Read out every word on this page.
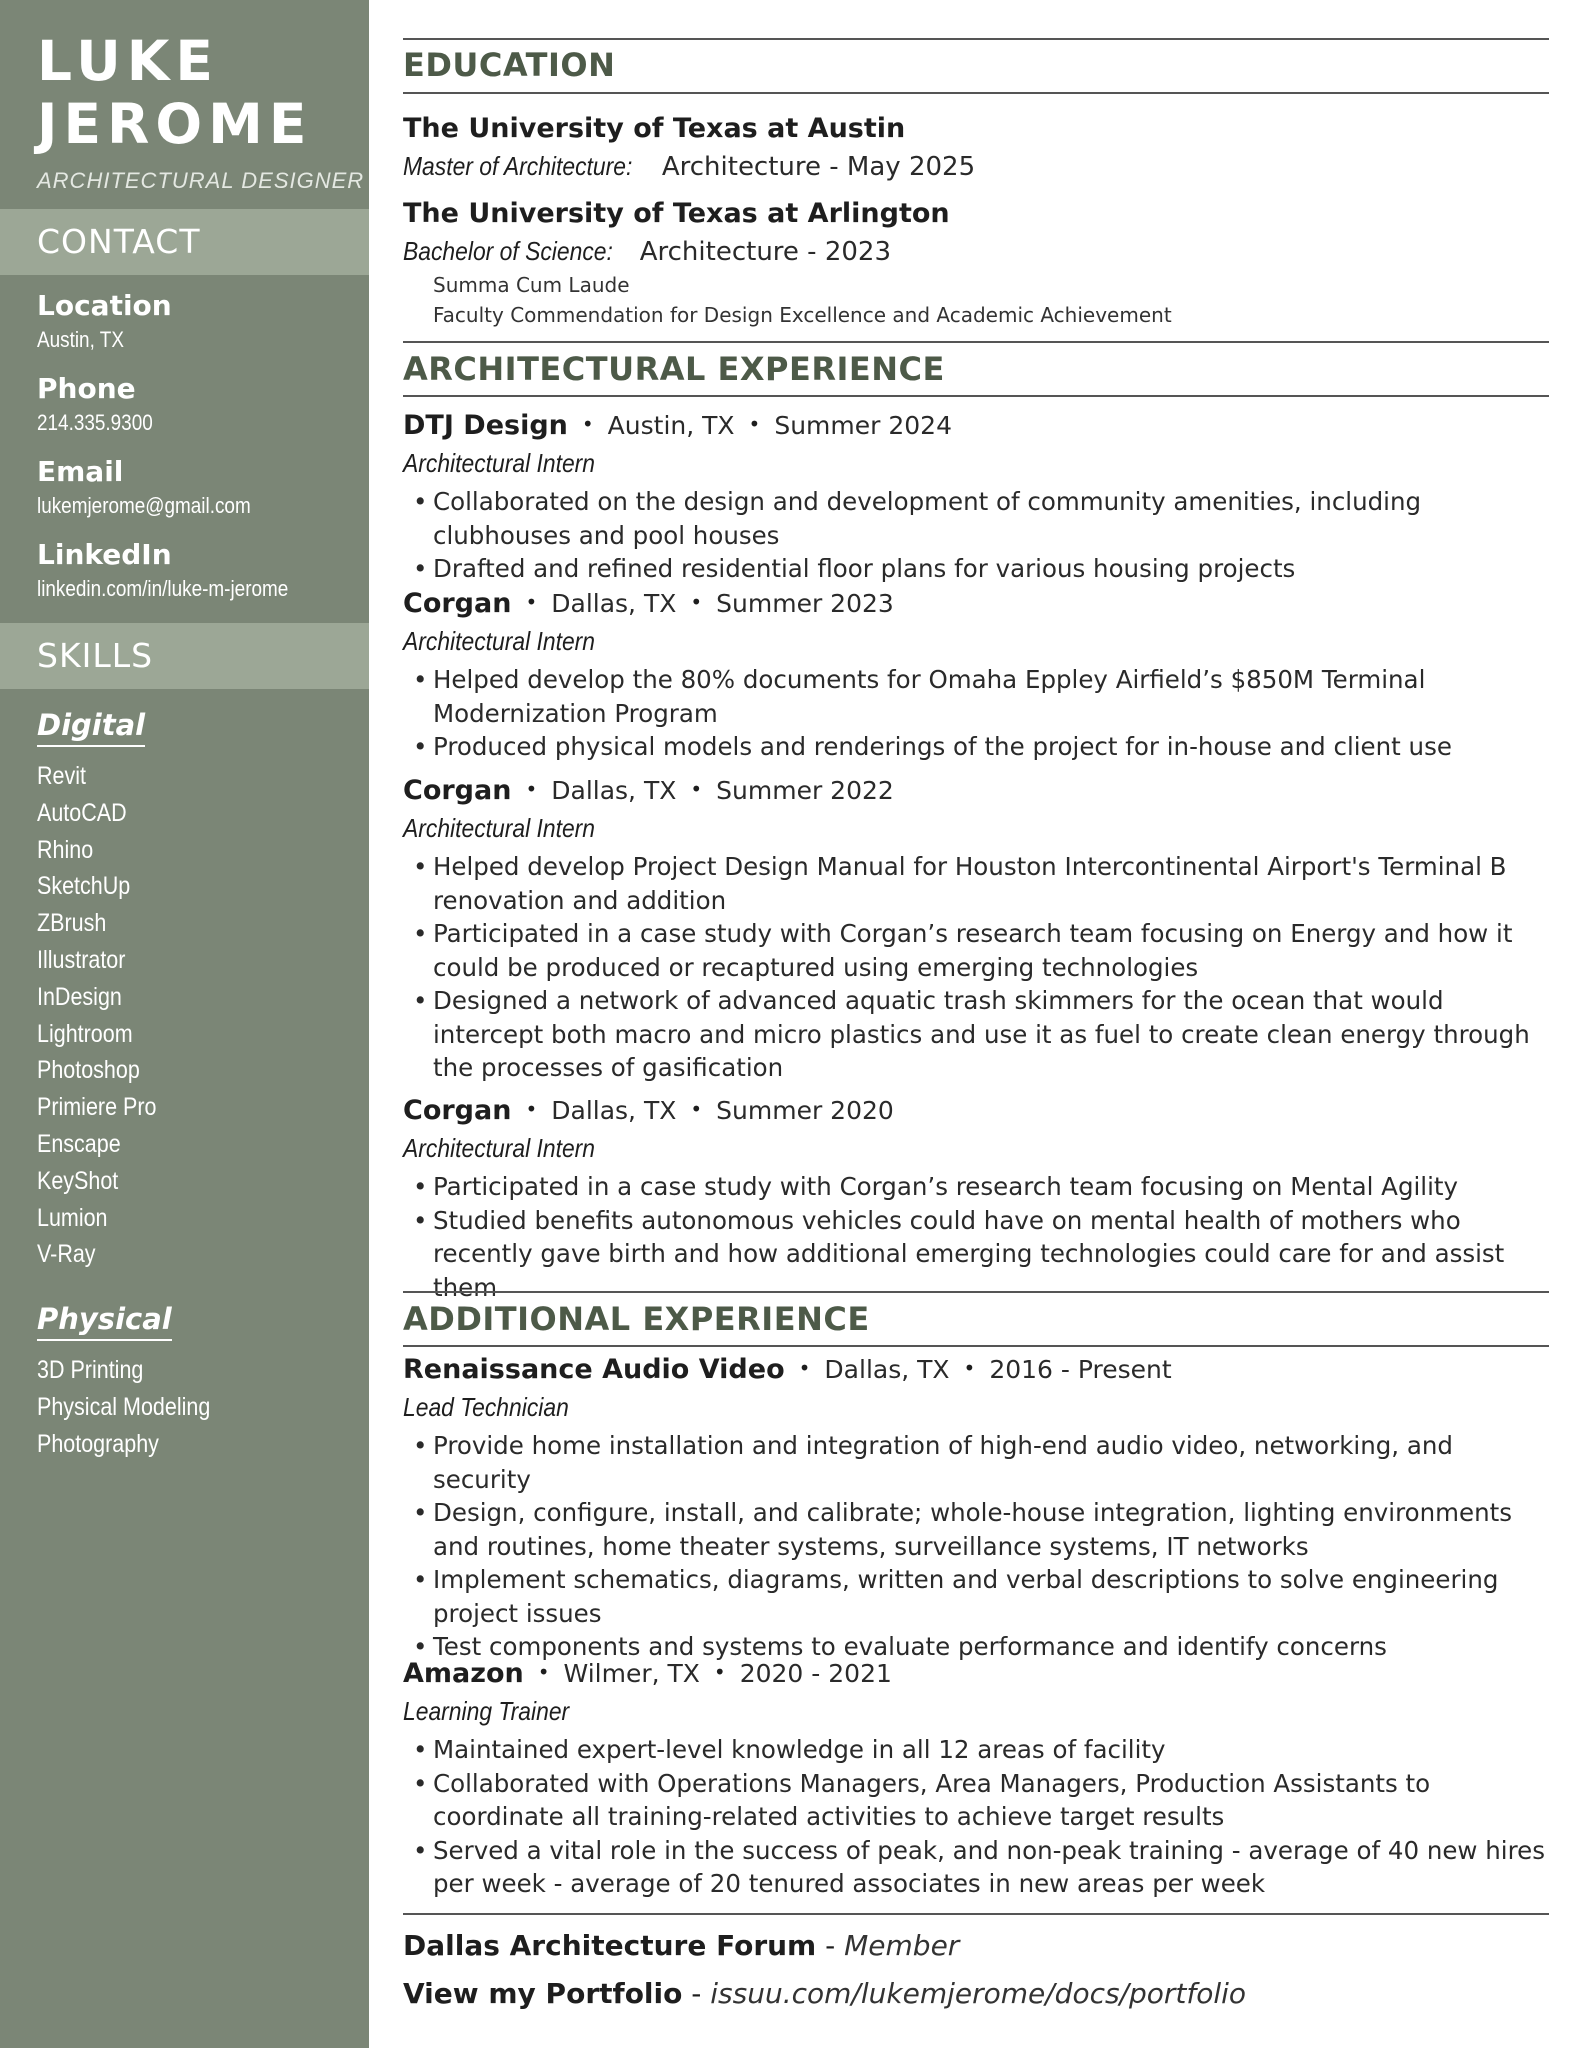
LUKE
JEROME
ARCHITECTURAL DESIGNER
CONTACT
Location
Austin, TX
Phone
214.335.9300
Email
lukemjerome@gmail.com
LinkedIn
linkedin.com/in/luke-m-jerome
SKILLS
Digital
Revit
AutoCAD
Rhino
SketchUp
ZBrush
Illustrator
InDesign
Lightroom
Photoshop
Primiere Pro
Enscape
KeyShot
Lumion
V-Ray
Physical
3D Printing
Physical Modeling
Photography
EDUCATION
The University of Texas at Austin
Master of Architecture: Architecture - May 2025
The University of Texas at Arlington
Bachelor of Science: Architecture - 2023
Summa Cum Laude
Faculty Commendation for Design Excellence and Academic Achievement
ARCHITECTURAL EXPERIENCE
DTJ Design • Austin, TX • Summer 2024
Architectural Intern
• Collaborated on the design and development of community amenities, including clubhouses and pool houses
• Drafted and refined residential floor plans for various housing projects
Corgan • Dallas, TX • Summer 2023
Architectural Intern
• Helped develop the 80% documents for Omaha Eppley Airfield’s $850M Terminal Modernization Program
• Produced physical models and renderings of the project for in-house and client use
Corgan • Dallas, TX • Summer 2022
Architectural Intern
• Helped develop Project Design Manual for Houston Intercontinental Airport's Terminal B renovation and addition
• Participated in a case study with Corgan’s research team focusing on Energy and how it could be produced or recaptured using emerging technologies
• Designed a network of advanced aquatic trash skimmers for the ocean that would intercept both macro and micro plastics and use it as fuel to create clean energy through the processes of gasification
Corgan • Dallas, TX • Summer 2020
Architectural Intern
• Participated in a case study with Corgan’s research team focusing on Mental Agility
• Studied benefits autonomous vehicles could have on mental health of mothers who recently gave birth and how additional emerging technologies could care for and assist them
ADDITIONAL EXPERIENCE
Renaissance Audio Video • Dallas, TX • 2016 - Present
Lead Technician
• Provide home installation and integration of high-end audio video, networking, and security
• Design, configure, install, and calibrate; whole-house integration, lighting environments and routines, home theater systems, surveillance systems, IT networks
• Implement schematics, diagrams, written and verbal descriptions to solve engineering project issues
• Test components and systems to evaluate performance and identify concerns
Amazon • Wilmer, TX • 2020 - 2021
Learning Trainer
• Maintained expert-level knowledge in all 12 areas of facility
• Collaborated with Operations Managers, Area Managers, Production Assistants to coordinate all training-related activities to achieve target results
• Served a vital role in the success of peak, and non-peak training - average of 40 new hires per week - average of 20 tenured associates in new areas per week
Dallas Architecture Forum - Member
View my Portfolio - issuu.com/lukemjerome/docs/portfolio
